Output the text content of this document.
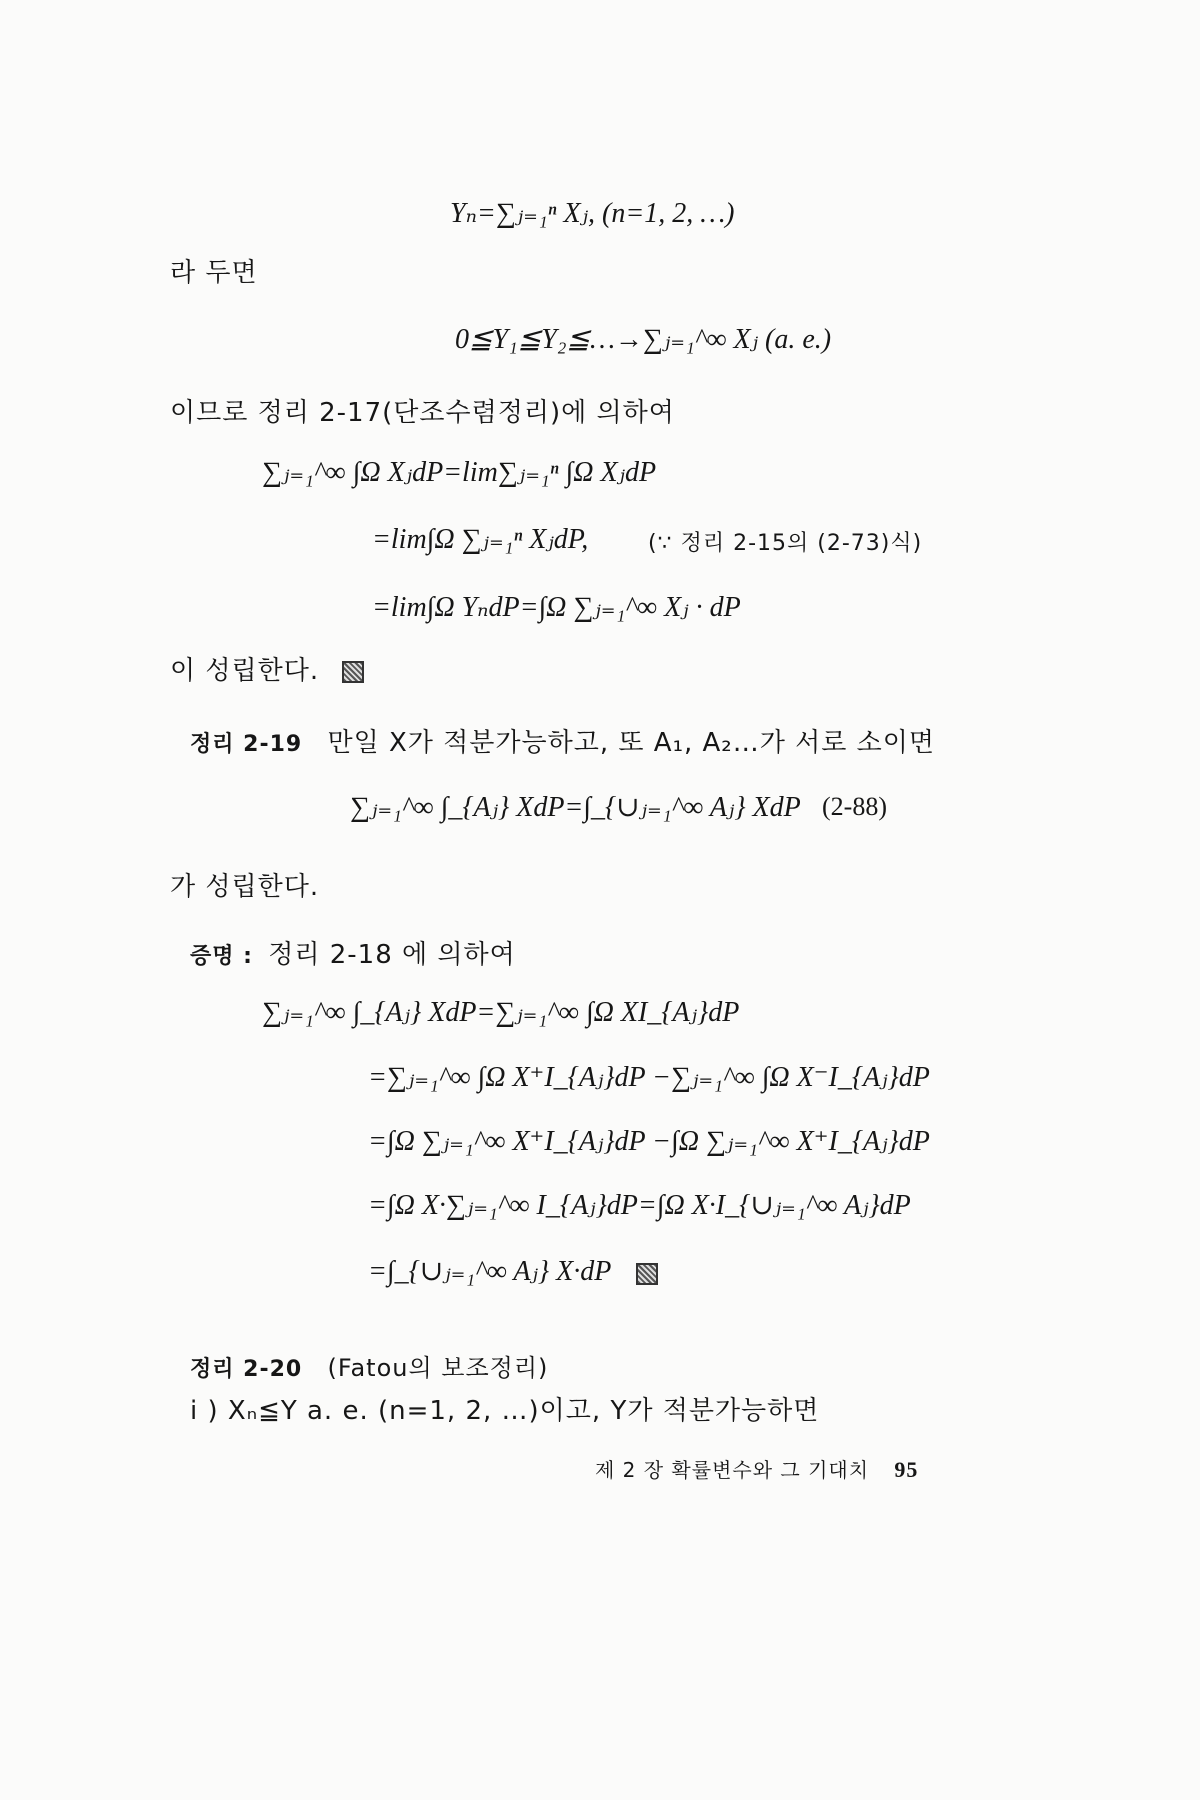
Yₙ=∑ⱼ₌₁ⁿ Xⱼ, (n=1, 2, …)
라 두면
0≦Y₁≦Y₂≦…→∑ⱼ₌₁^∞ Xⱼ (a. e.)
이므로 정리 2-17(단조수렴정리)에 의하여
∑ⱼ₌₁^∞ ∫Ω XⱼdP=lim∑ⱼ₌₁ⁿ ∫Ω XⱼdP
=lim∫Ω ∑ⱼ₌₁ⁿ XⱼdP,	(∵ 정리 2-15의 (2-73)식)
=lim∫Ω YₙdP=∫Ω ∑ⱼ₌₁^∞ Xⱼ · dP
이 성립한다.
정리 2-19 만일 X가 적분가능하고, 또 A₁, A₂…가 서로 소이면
∑ⱼ₌₁^∞ ∫_{Aⱼ} XdP=∫_{∪ⱼ₌₁^∞ Aⱼ} XdP (2-88)
가 성립한다.
증명 : 정리 2-18 에 의하여
∑ⱼ₌₁^∞ ∫_{Aⱼ} XdP=∑ⱼ₌₁^∞ ∫Ω XI_{Aⱼ}dP
=∑ⱼ₌₁^∞ ∫Ω X⁺I_{Aⱼ}dP −∑ⱼ₌₁^∞ ∫Ω X⁻I_{Aⱼ}dP
=∫Ω ∑ⱼ₌₁^∞ X⁺I_{Aⱼ}dP −∫Ω ∑ⱼ₌₁^∞ X⁺I_{Aⱼ}dP
=∫Ω X·∑ⱼ₌₁^∞ I_{Aⱼ}dP=∫Ω X·I_{∪ⱼ₌₁^∞ Aⱼ}dP
=∫_{∪ⱼ₌₁^∞ Aⱼ} X·dP
정리 2-20 (Fatou의 보조정리)
i ) Xₙ≦Y a. e. (n=1, 2, …)이고, Y가 적분가능하면
제 2 장 확률변수와 그 기대치 95
